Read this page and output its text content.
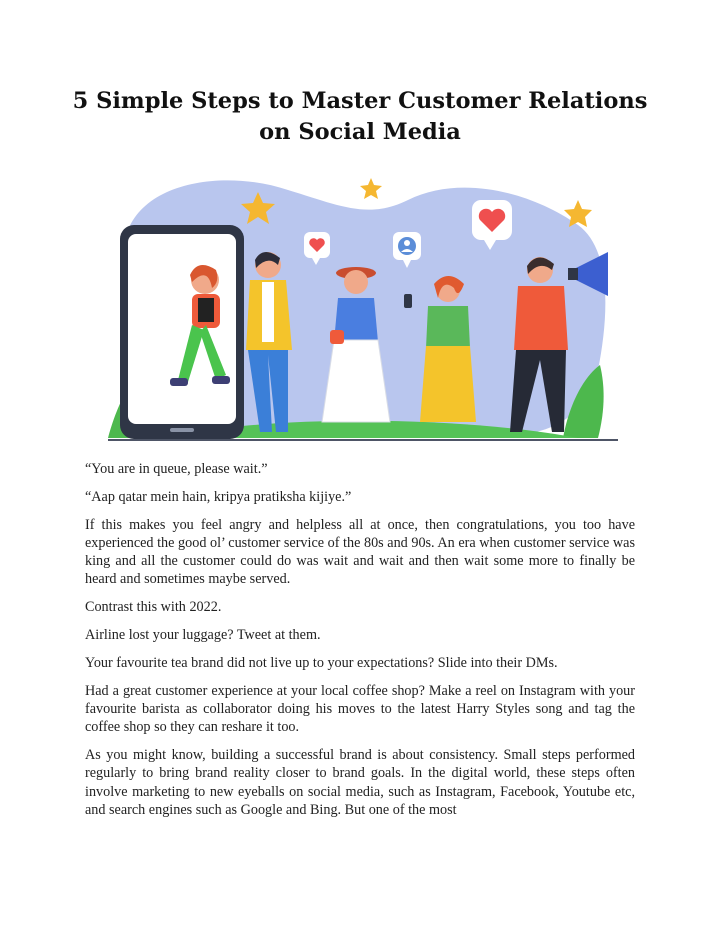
5 Simple Steps to Master Customer Relations
on Social Media

“You are in queue, please wait.”

“Aap qatar mein hain, kripya pratiksha kijiye.”

If this makes you feel angry and helpless all at once, then congratulations, you too have experienced the good ol’ customer service of the 80s and 90s. An era when customer service was king and all the customer could do was wait and wait and then wait some more to finally be heard and sometimes maybe served.

Contrast this with 2022.

Airline lost your luggage? Tweet at them.

Your favourite tea brand did not live up to your expectations? Slide into their DMs.

Had a great customer experience at your local coffee shop? Make a reel on Instagram with your favourite barista as collaborator doing his moves to the latest Harry Styles song and tag the coffee shop so they can reshare it too.

As you might know, building a successful brand is about consistency. Small steps performed regularly to bring brand reality closer to brand goals. In the digital world, these steps often involve marketing to new eyeballs on social media, such as Instagram, Facebook, Youtube etc, and search engines such as Google and Bing. But one of the most
